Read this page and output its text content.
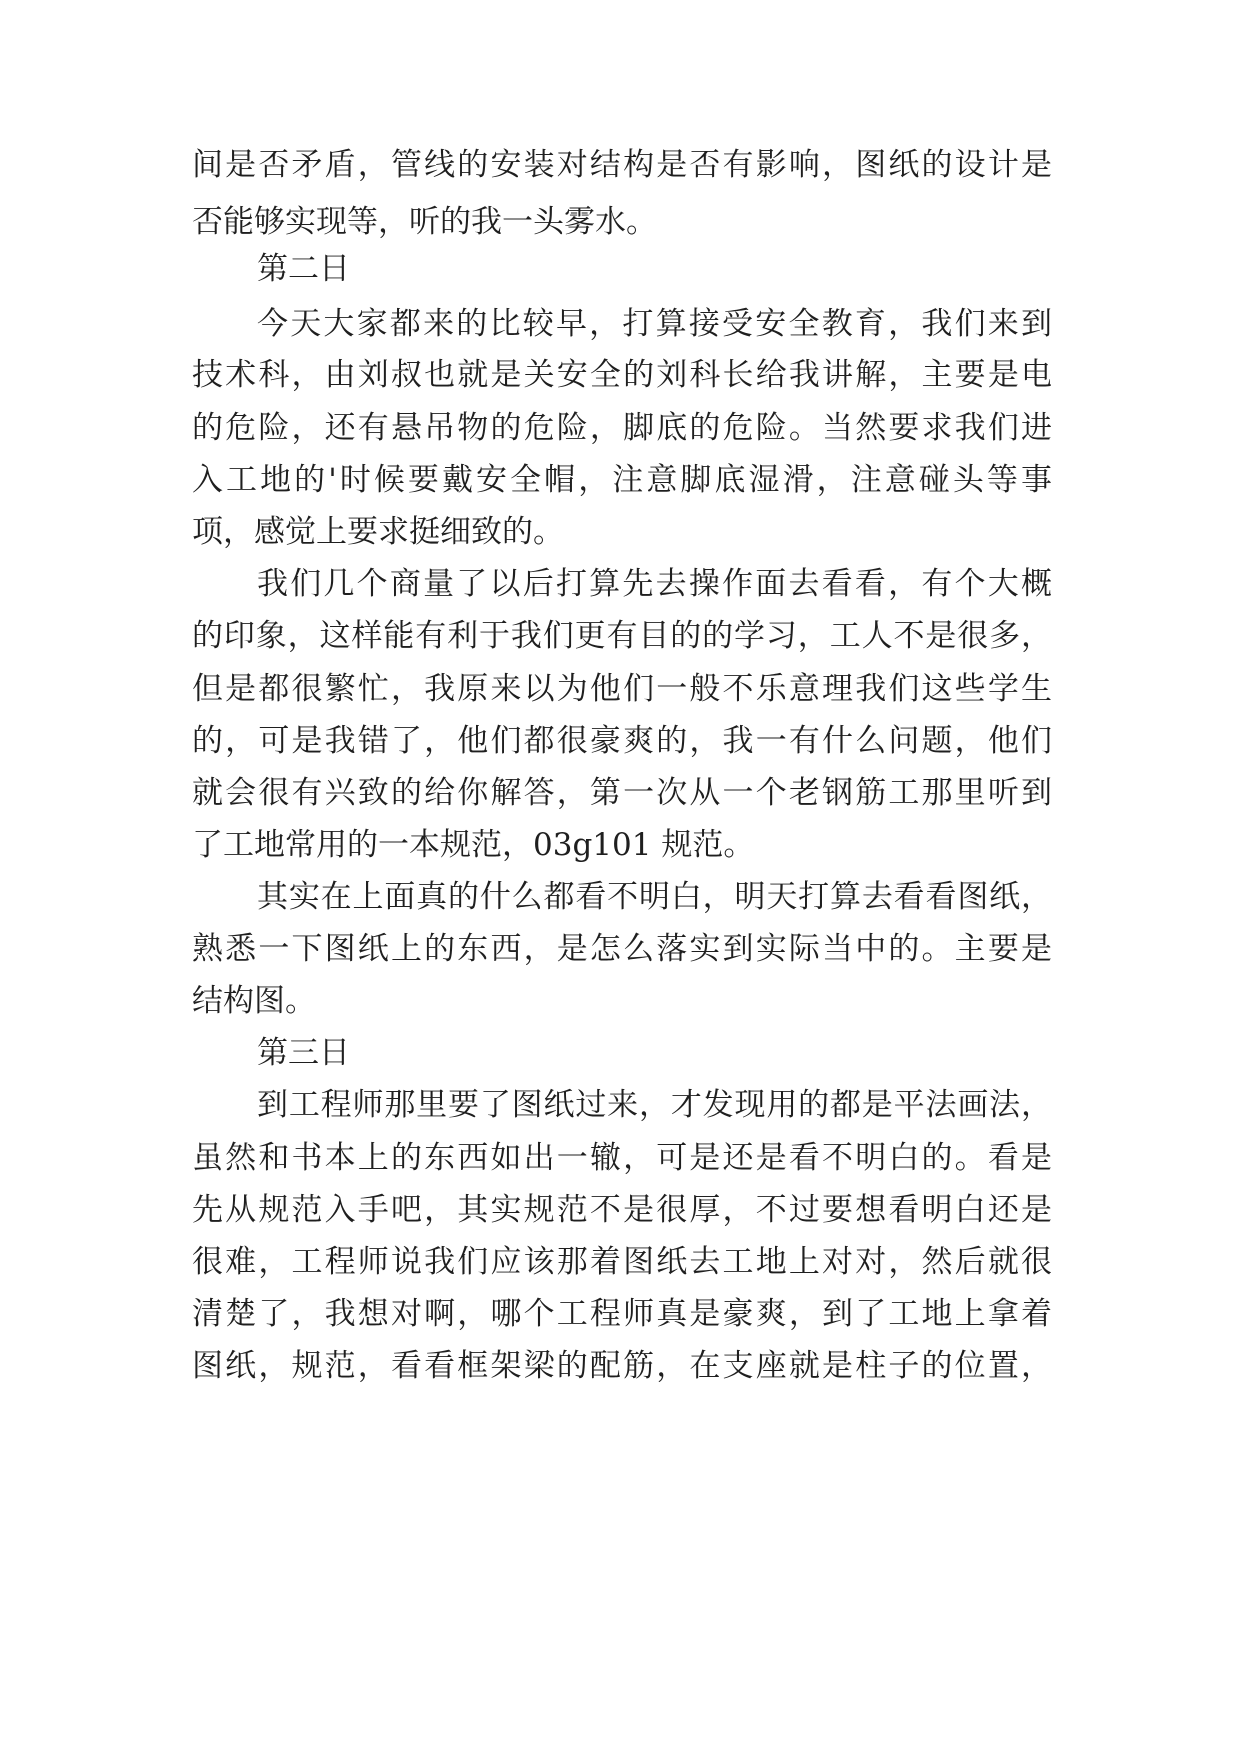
间是否矛盾，管线的安装对结构是否有影响，图纸的设计是
否能够实现等，听的我一头雾水。
第二日
今天大家都来的比较早，打算接受安全教育，我们来到
技术科，由刘叔也就是关安全的刘科长给我讲解，主要是电
的危险，还有悬吊物的危险，脚底的危险。当然要求我们进
入工地的'时候要戴安全帽，注意脚底湿滑，注意碰头等事
项，感觉上要求挺细致的。
我们几个商量了以后打算先去操作面去看看，有个大概
的印象，这样能有利于我们更有目的的学习，工人不是很多，
但是都很繁忙，我原来以为他们一般不乐意理我们这些学生
的，可是我错了，他们都很豪爽的，我一有什么问题，他们
就会很有兴致的给你解答，第一次从一个老钢筋工那里听到
了工地常用的一本规范，03g101 规范。
其实在上面真的什么都看不明白，明天打算去看看图纸，
熟悉一下图纸上的东西，是怎么落实到实际当中的。主要是
结构图。
第三日
到工程师那里要了图纸过来，才发现用的都是平法画法，
虽然和书本上的东西如出一辙，可是还是看不明白的。看是
先从规范入手吧，其实规范不是很厚，不过要想看明白还是
很难，工程师说我们应该那着图纸去工地上对对，然后就很
清楚了，我想对啊，哪个工程师真是豪爽，到了工地上拿着
图纸，规范，看看框架梁的配筋，在支座就是柱子的位置，
